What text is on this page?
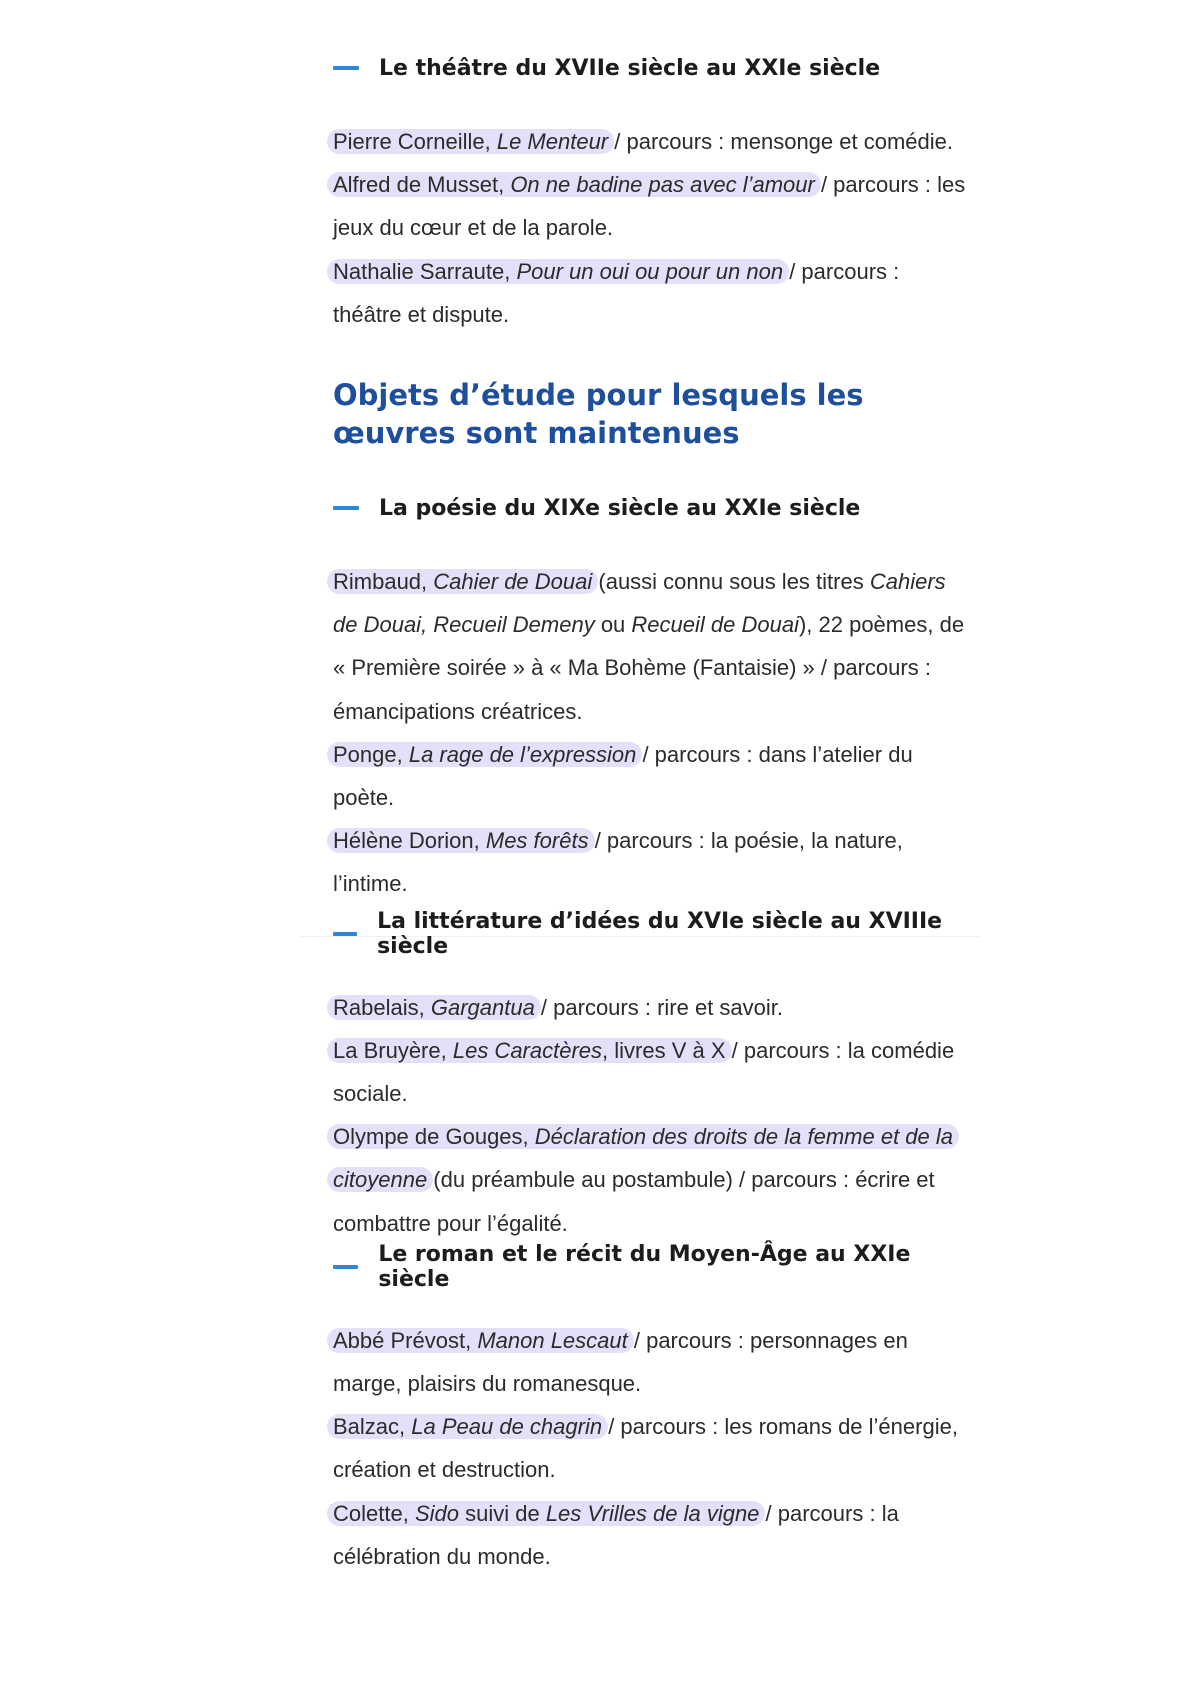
Le théâtre du XVIIe siècle au XXIe siècle

Pierre Corneille, Le Menteur / parcours : mensonge et comédie.

Alfred de Musset, On ne badine pas avec l’amour / parcours : les jeux du cœur et de la parole.

Nathalie Sarraute, Pour un oui ou pour un non / parcours : théâtre et dispute.

Objets d’étude pour lesquels les œuvres sont maintenues
La poésie du XIXe siècle au XXIe siècle

Rimbaud, Cahier de Douai (aussi connu sous les titres Cahiers de Douai, Recueil Demeny ou Recueil de Douai), 22 poèmes, de « Première soirée » à « Ma Bohème (Fantaisie) » / parcours : émancipations créatrices.

Ponge, La rage de l’expression / parcours : dans l’atelier du poète.

Hélène Dorion, Mes forêts / parcours : la poésie, la nature, l’intime.

La littérature d’idées du XVIe siècle au XVIIIe siècle

Rabelais, Gargantua / parcours : rire et savoir.

La Bruyère, Les Caractères, livres V à X / parcours : la comédie sociale.

Olympe de Gouges, Déclaration des droits de la femme et de la citoyenne (du préambule au postambule) / parcours : écrire et combattre pour l’égalité.

Le roman et le récit du Moyen-Âge au XXIe siècle

Abbé Prévost, Manon Lescaut / parcours : personnages en marge, plaisirs du romanesque.

Balzac, La Peau de chagrin / parcours : les romans de l’énergie, création et destruction.

Colette, Sido suivi de Les Vrilles de la vigne / parcours : la célébration du monde.
